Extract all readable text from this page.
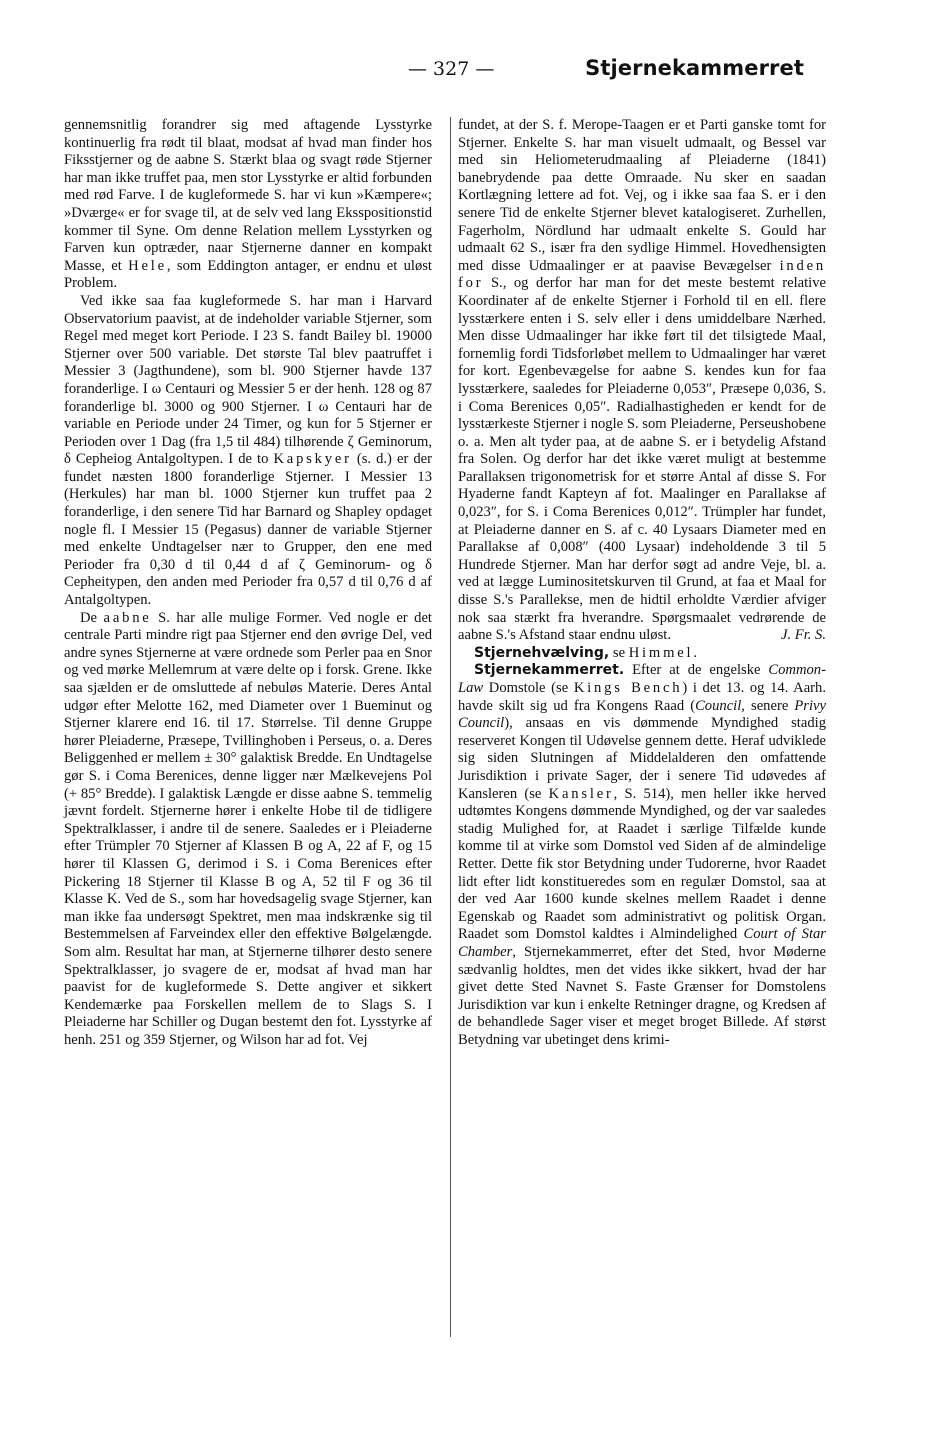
— 327 —	Stjernekammerret

gennemsnitlig forandrer sig med aftagende Lysstyrke kontinuerlig fra rødt til blaat, modsat af hvad man finder hos Fiksstjerner og de aabne S. Stærkt blaa og svagt røde Stjerner har man ikke truffet paa, men stor Lysstyrke er altid forbunden med rød Farve. I de kugleformede S. har vi kun »Kæmpere«; »Dværge« er for svage til, at de selv ved lang Eksspositionstid kommer til Syne. Om denne Relation mellem Lysstyrken og Farven kun optræder, naar Stjernerne danner en kompakt Masse, et Hele, som Eddington antager, er endnu et uløst Problem.

Ved ikke saa faa kugleformede S. har man i Harvard Observatorium paavist, at de indeholder variable Stjerner, som Regel med meget kort Periode. I 23 S. fandt Bailey bl. 19000 Stjerner over 500 variable. Det største Tal blev paatruffet i Messier 3 (Jagthundene), som bl. 900 Stjerner havde 137 foranderlige. I ω Centauri og Messier 5 er der henh. 128 og 87 foranderlige bl. 3000 og 900 Stjerner. I ω Centauri har de variable en Periode under 24 Timer, og kun for 5 Stjerner er Perioden over 1 Dag (fra 1,5 til 484) tilhørende ζ Geminorum, δ Cepheiog Antalgoltypen. I de to Kapskyer (s. d.) er der fundet næsten 1800 foranderlige Stjerner. I Messier 13 (Herkules) har man bl. 1000 Stjerner kun truffet paa 2 foranderlige, i den senere Tid har Barnard og Shapley opdaget nogle fl. I Messier 15 (Pegasus) danner de variable Stjerner med enkelte Undtagelser nær to Grupper, den ene med Perioder fra 0,30 d til 0,44 d af ζ Geminorum- og δ Cepheitypen, den anden med Perioder fra 0,57 d til 0,76 d af Antalgoltypen.

De aabne S. har alle mulige Former. Ved nogle er det centrale Parti mindre rigt paa Stjerner end den øvrige Del, ved andre synes Stjernerne at være ordnede som Perler paa en Snor og ved mørke Mellemrum at være delte op i forsk. Grene. Ikke saa sjælden er de omsluttede af nebuløs Materie. Deres Antal udgør efter Melotte 162, med Diameter over 1 Bueminut og Stjerner klarere end 16. til 17. Størrelse. Til denne Gruppe hører Pleiaderne, Præsepe, Tvillinghoben i Perseus, o. a. Deres Beliggenhed er mellem ± 30° galaktisk Bredde. En Undtagelse gør S. i Coma Berenices, denne ligger nær Mælkevejens Pol (+ 85° Bredde). I galaktisk Længde er disse aabne S. temmelig jævnt fordelt. Stjernerne hører i enkelte Hobe til de tidligere Spektralklasser, i andre til de senere. Saaledes er i Pleiaderne efter Trümpler 70 Stjerner af Klassen B og A, 22 af F, og 15 hører til Klassen G, derimod i S. i Coma Berenices efter Pickering 18 Stjerner til Klasse B og A, 52 til F og 36 til Klasse K. Ved de S., som har hovedsagelig svage Stjerner, kan man ikke faa undersøgt Spektret, men maa indskrænke sig til Bestemmelsen af Farveindex eller den effektive Bølgelængde. Som alm. Resultat har man, at Stjernerne tilhører desto senere Spektralklasser, jo svagere de er, modsat af hvad man har paavist for de kugleformede S. Dette angiver et sikkert Kendemærke paa Forskellen mellem de to Slags S. I Pleiaderne har Schiller og Dugan bestemt den fot. Lysstyrke af henh. 251 og 359 Stjerner, og Wilson har ad fot. Vej

fundet, at der S. f. Merope-Taagen er et Parti ganske tomt for Stjerner. Enkelte S. har man visuelt udmaalt, og Bessel var med sin Heliometerudmaaling af Pleiaderne (1841) banebrydende paa dette Omraade. Nu sker en saadan Kortlægning lettere ad fot. Vej, og i ikke saa faa S. er i den senere Tid de enkelte Stjerner blevet katalogiseret. Zurhellen, Fagerholm, Nördlund har udmaalt enkelte S. Gould har udmaalt 62 S., især fra den sydlige Himmel. Hovedhensigten med disse Udmaalinger er at paavise Bevægelser inden for S., og derfor har man for det meste bestemt relative Koordinater af de enkelte Stjerner i Forhold til en ell. flere lysstærkere enten i S. selv eller i dens umiddelbare Nærhed. Men disse Udmaalinger har ikke ført til det tilsigtede Maal, fornemlig fordi Tidsforløbet mellem to Udmaalinger har været for kort. Egenbevægelse for aabne S. kendes kun for faa lysstærkere, saaledes for Pleiaderne 0,053″, Præsepe 0,036, S. i Coma Berenices 0,05″. Radialhastigheden er kendt for de lysstærkeste Stjerner i nogle S. som Pleiaderne, Perseushobene o. a. Men alt tyder paa, at de aabne S. er i betydelig Afstand fra Solen. Og derfor har det ikke været muligt at bestemme Parallaksen trigonometrisk for et større Antal af disse S. For Hyaderne fandt Kapteyn af fot. Maalinger en Parallakse af 0,023″, for S. i Coma Berenices 0,012″. Trümpler har fundet, at Pleiaderne danner en S. af c. 40 Lysaars Diameter med en Parallakse af 0,008″ (400 Lysaar) indeholdende 3 til 5 Hundrede Stjerner. Man har derfor søgt ad andre Veje, bl. a. ved at lægge Luminositetskurven til Grund, at faa et Maal for disse S.'s Parallekse, men de hidtil erholdte Værdier afviger nok saa stærkt fra hverandre. Spørgsmaalet vedrørende de aabne S.'s Afstand staar endnu uløst.	J. Fr. S.

Stjernehvælving, se Himmel.

Stjernekammerret. Efter at de engelske Common-Law Domstole (se Kings Bench) i det 13. og 14. Aarh. havde skilt sig ud fra Kongens Raad (Council, senere Privy Council), ansaas en vis dømmende Myndighed stadig reserveret Kongen til Udøvelse gennem dette. Heraf udviklede sig siden Slutningen af Middelalderen den omfattende Jurisdiktion i private Sager, der i senere Tid udøvedes af Kansleren (se Kansler, S. 514), men heller ikke herved udtømtes Kongens dømmende Myndighed, og der var saaledes stadig Mulighed for, at Raadet i særlige Tilfælde kunde komme til at virke som Domstol ved Siden af de almindelige Retter. Dette fik stor Betydning under Tudorerne, hvor Raadet lidt efter lidt konstitueredes som en regulær Domstol, saa at der ved Aar 1600 kunde skelnes mellem Raadet i denne Egenskab og Raadet som administrativt og politisk Organ. Raadet som Domstol kaldtes i Almindelighed Court of Star Chamber, Stjernekammerret, efter det Sted, hvor Møderne sædvanlig holdtes, men det vides ikke sikkert, hvad der har givet dette Sted Navnet S. Faste Grænser for Domstolens Jurisdiktion var kun i enkelte Retninger dragne, og Kredsen af de behandlede Sager viser et meget broget Billede. Af størst Betydning var ubetinget dens krimi-
